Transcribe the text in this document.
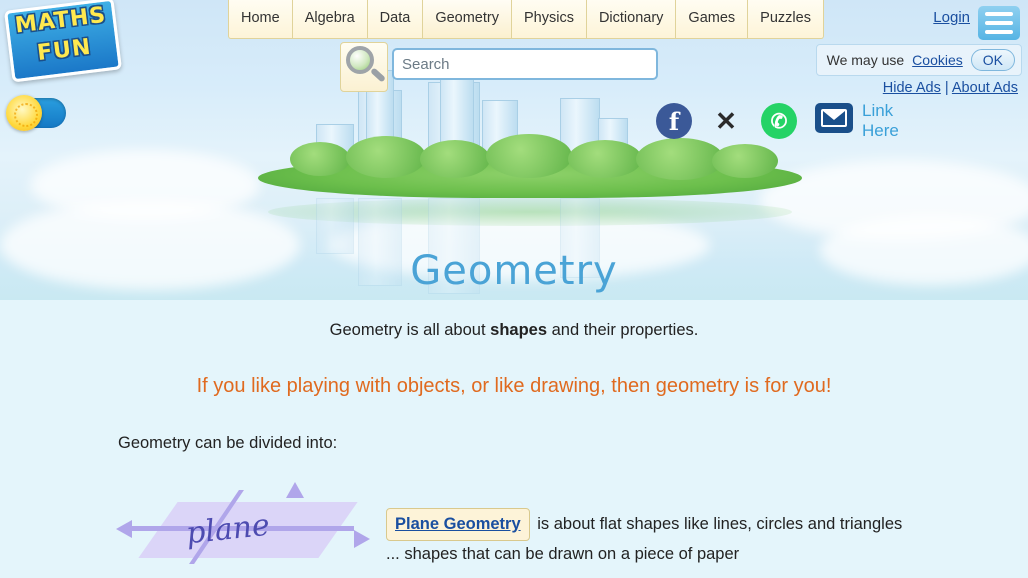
MATHS
FUN
Home	Algebra	Data	Geometry	Physics	Dictionary	Games	Puzzles
Search	Login
We may use Cookies	OK
Hide Ads | About Ads
f	✕	✆	Link
Here
Geometry
Geometry is all about shapes and their properties.
If you like playing with objects, or like drawing, then geometry is for you!
Geometry can be divided into:
plane	Plane Geometry is about flat shapes like lines, circles and triangles ... shapes that can be drawn on a piece of paper
